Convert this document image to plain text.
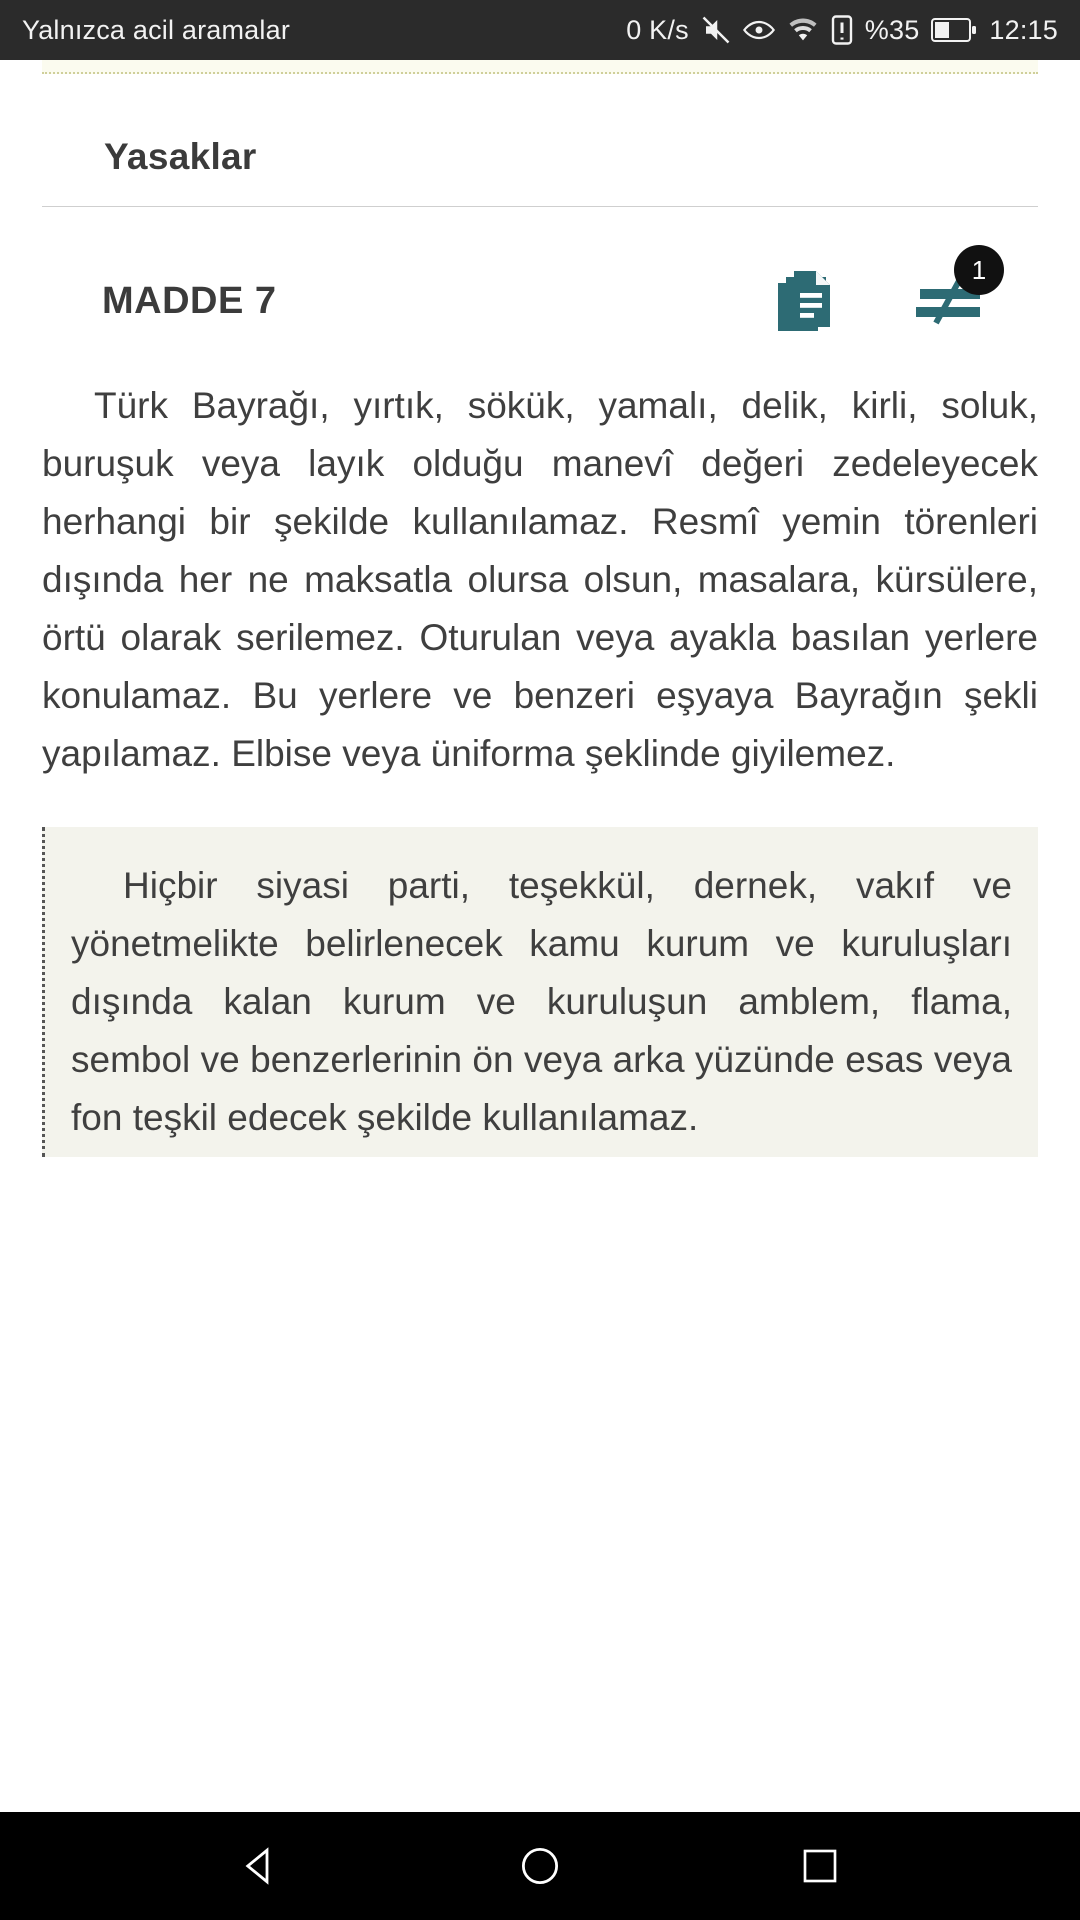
Yalnızca acil aramalar	0 K/s	%35	12:15
Yasaklar
MADDE 7
1

Türk Bayrağı, yırtık, sökük, yamalı, delik, kirli, soluk, buruşuk veya layık olduğu manevî değeri zedeleyecek herhangi bir şekilde kullanılamaz. Resmî yemin törenleri dışında her ne maksatla olursa olsun, masalara, kürsülere, örtü olarak serilemez. Oturulan veya ayakla basılan yerlere konulamaz. Bu yerlere ve benzeri eşyaya Bayrağın şekli yapılamaz. Elbise veya üniforma şeklinde giyilemez.

Hiçbir siyasi parti, teşekkül, dernek, vakıf ve yönetmelikte belirlenecek kamu kurum ve kuruluşları dışında kalan kurum ve kuruluşun amblem, flama, sembol ve benzerlerinin ön veya arka yüzünde esas veya fon teşkil edecek şekilde kullanılamaz.
